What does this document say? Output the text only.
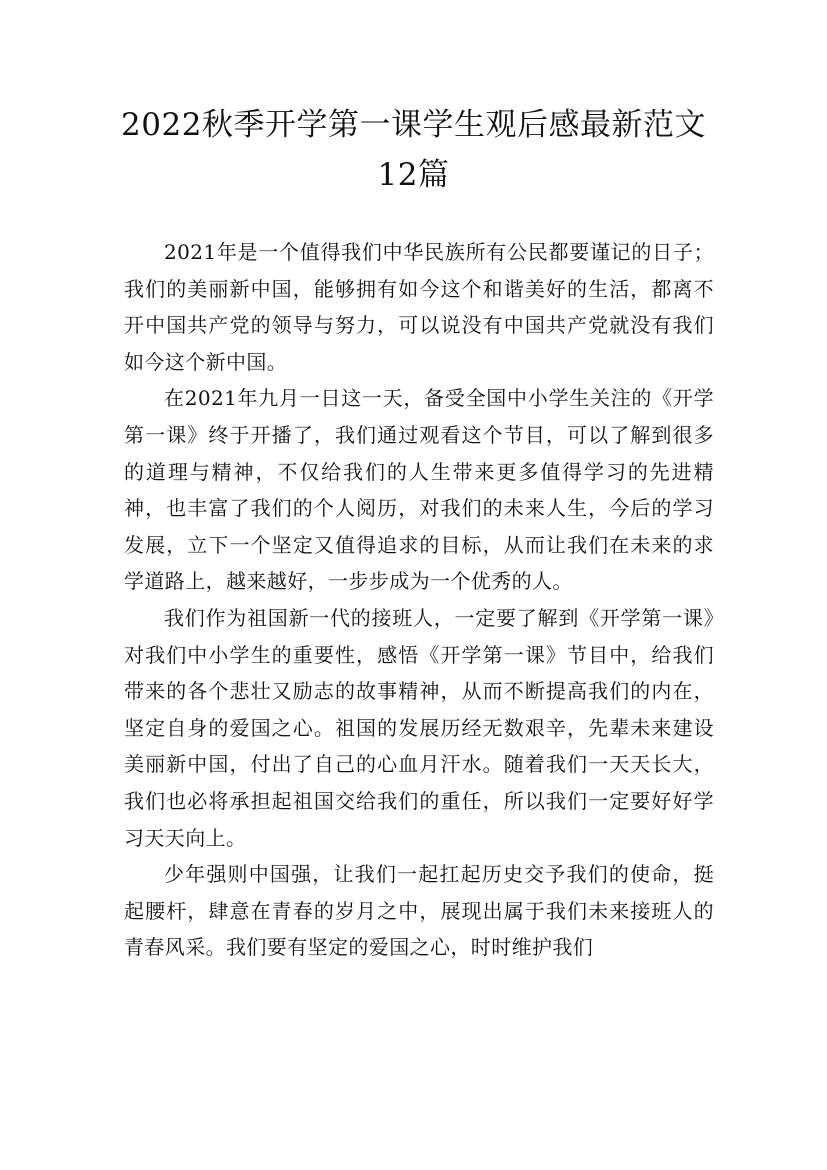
2022秋季开学第一课学生观后感最新范文
12篇

2021年是一个值得我们中华民族所有公民都要谨记的日子；我们的美丽新中国，能够拥有如今这个和谐美好的生活，都离不开中国共产党的领导与努力，可以说没有中国共产党就没有我们如今这个新中国。

在2021年九月一日这一天，备受全国中小学生关注的《开学第一课》终于开播了，我们通过观看这个节目，可以了解到很多的道理与精神，不仅给我们的人生带来更多值得学习的先进精神，也丰富了我们的个人阅历，对我们的未来人生，今后的学习发展，立下一个坚定又值得追求的目标，从而让我们在未来的求学道路上，越来越好，一步步成为一个优秀的人。

我们作为祖国新一代的接班人，一定要了解到《开学第一课》对我们中小学生的重要性，感悟《开学第一课》节目中，给我们带来的各个悲壮又励志的故事精神，从而不断提高我们的内在，坚定自身的爱国之心。祖国的发展历经无数艰辛，先辈未来建设美丽新中国，付出了自己的心血月汗水。随着我们一天天长大，我们也必将承担起祖国交给我们的重任，所以我们一定要好好学习天天向上。

少年强则中国强，让我们一起扛起历史交予我们的使命，挺起腰杆，肆意在青春的岁月之中，展现出属于我们未来接班人的青春风采。我们要有坚定的爱国之心，时时维护我们
